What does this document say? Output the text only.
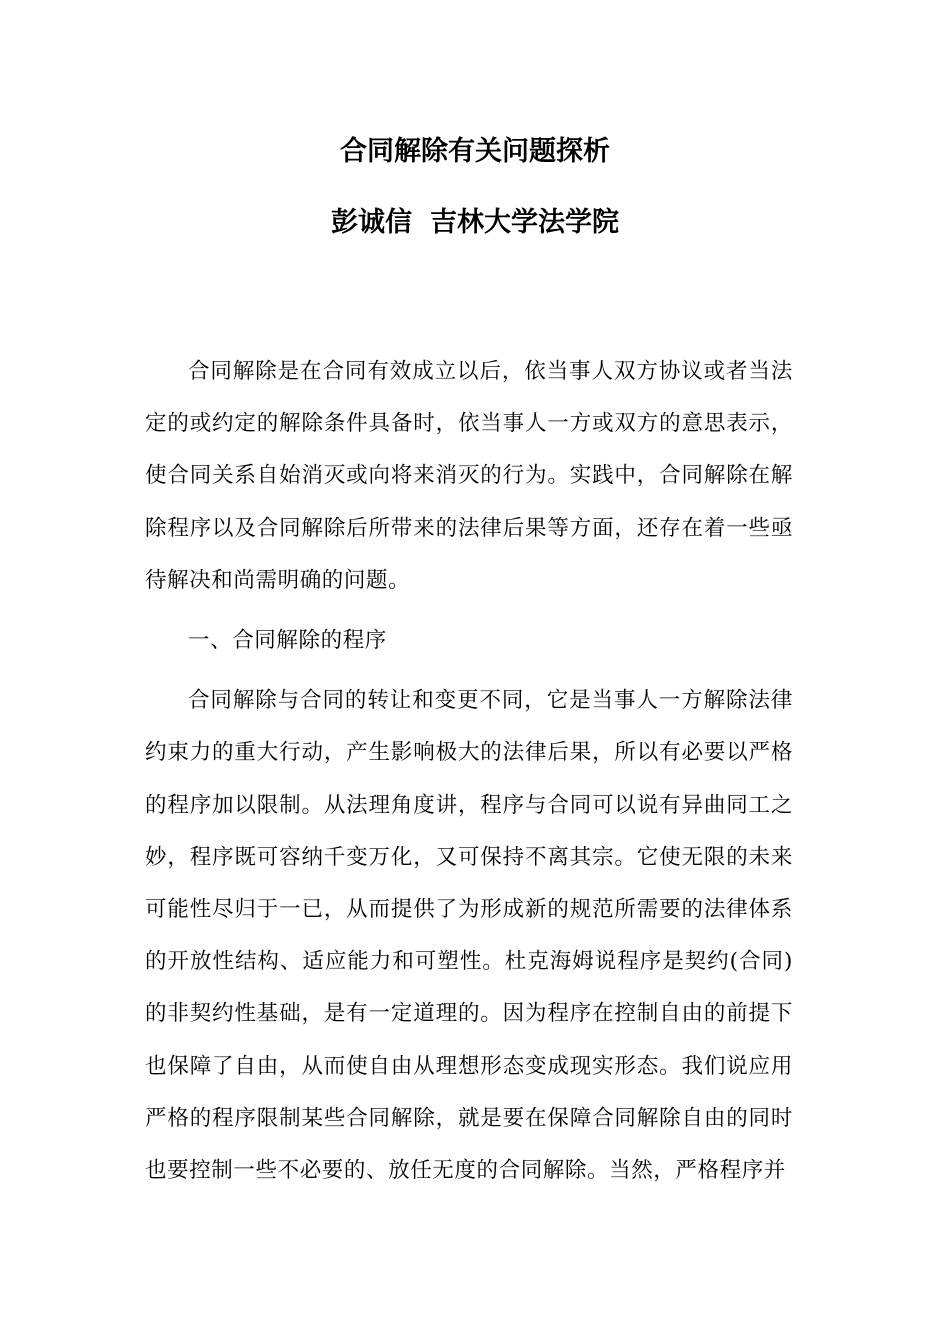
合同解除有关问题探析
彭诚信 吉林大学法学院

合同解除是在合同有效成立以后，依当事人双方协议或者当法定的或约定的解除条件具备时，依当事人一方或双方的意思表示，使合同关系自始消灭或向将来消灭的行为。实践中，合同解除在解除程序以及合同解除后所带来的法律后果等方面，还存在着一些亟待解决和尚需明确的问题。

一、合同解除的程序

合同解除与合同的转让和变更不同，它是当事人一方解除法律约束力的重大行动，产生影响极大的法律后果，所以有必要以严格的程序加以限制。从法理角度讲，程序与合同可以说有异曲同工之妙，程序既可容纳千变万化，又可保持不离其宗。它使无限的未来可能性尽归于一已，从而提供了为形成新的规范所需要的法律体系的开放性结构、适应能力和可塑性。杜克海姆说程序是契约(合同)的非契约性基础，是有一定道理的。因为程序在控制自由的前提下也保障了自由，从而使自由从理想形态变成现实形态。我们说应用严格的程序限制某些合同解除，就是要在保障合同解除自由的同时也要控制一些不必要的、放任无度的合同解除。当然，严格程序并
